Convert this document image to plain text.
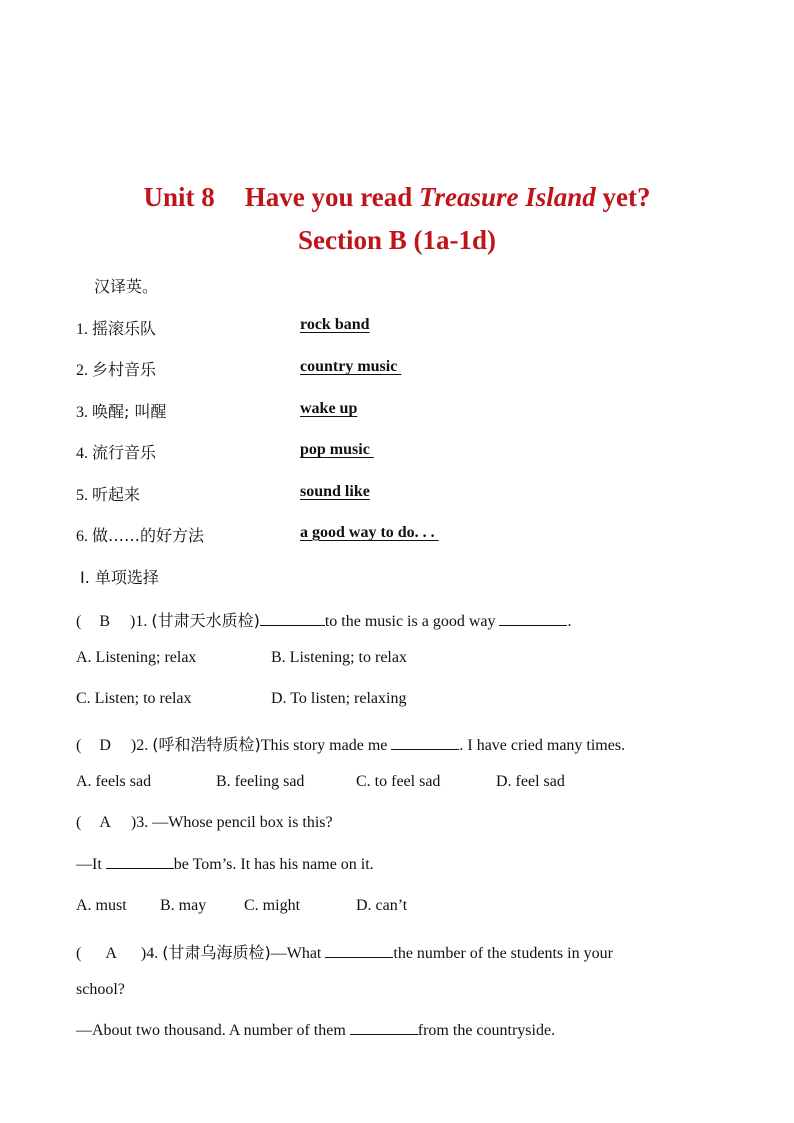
Unit 8 Have you read Treasure Island yet?
Section B (1a-1d)
汉译英。
1. 摇滚乐队	rock band
2. 乡村音乐	country music
3. 唤醒; 叫醒	wake up
4. 流行音乐	pop music
5. 听起来	sound like
6. 做……的好方法	a good way to do. . .
Ⅰ. 单项选择
( B )1. (甘肃天水质检)	to the music is a good way	.
A. Listening; relax	B. Listening; to relax
C. Listen; to relax	D. To listen; relaxing
( D )2. (呼和浩特质检)This story made me	. I have cried many times.
A. feels sad	B. feeling sad	C. to feel sad	D. feel sad
( A )3. —Whose pencil box is this?
—It	be Tom’s. It has his name on it.
A. must B. may C. might	D. can’t
( A )4. (甘肃乌海质检)—What	the number of the students in your
school?
—About two thousand. A number of them	from the countryside.
